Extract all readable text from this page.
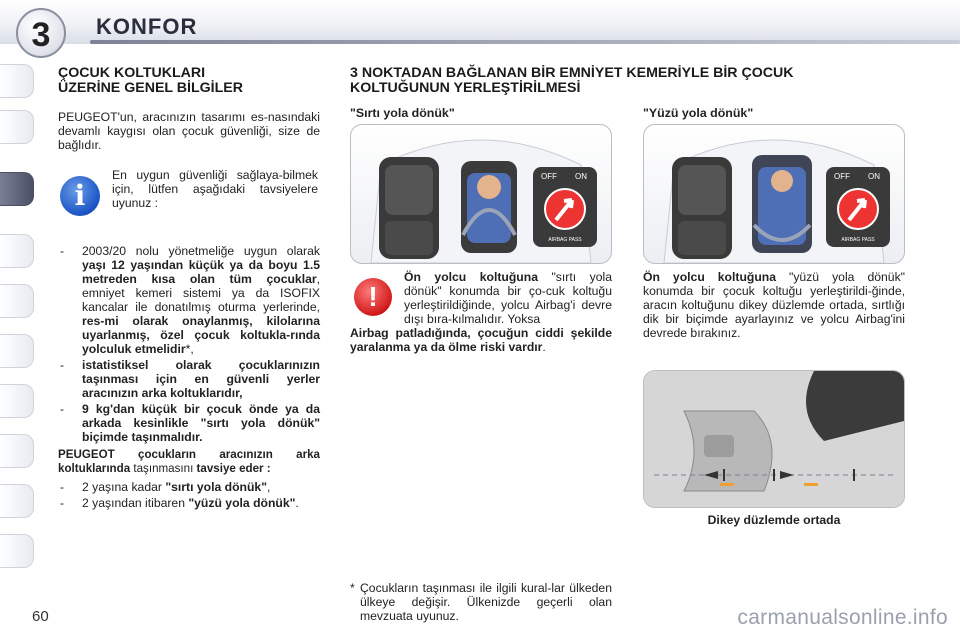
3	KONFOR
ÇOCUK KOLTUKLARI
ÜZERİNE GENEL BİLGİLER
PEUGEOT'un, aracınızın tasarımı es-nasındaki devamlı kaygısı olan çocuk güvenliği, size de bağlıdır.
i
En uygun güvenliği sağlaya-bilmek için, lütfen aşağıdaki tavsiyelere uyunuz :
- 2003/20 nolu yönetmeliğe uygun olarak yaşı 12 yaşından küçük ya da boyu 1.5 metreden kısa olan tüm çocuklar, emniyet kemeri sistemi ya da ISOFIX kancalar ile donatılmış oturma yerlerinde, res-mi olarak onaylanmış, kilolarına uyarlanmış, özel çocuk koltukla-rında yolculuk etmelidir*,
- istatistiksel olarak çocuklarınızın taşınması için en güvenli yerler aracınızın arka koltuklarıdır,
- 9 kg'dan küçük bir çocuk önde ya da arkada kesinlikle "sırtı yola dönük" biçimde taşınmalıdır.
PEUGEOT çocukların aracınızın arka koltuklarında taşınmasını tavsiye eder :
- 2 yaşına kadar "sırtı yola dönük",
- 2 yaşından itibaren "yüzü yola dönük".
3 NOKTADAN BAĞLANAN BİR EMNİYET KEMERİYLE BİR ÇOCUK
KOLTUĞUNUN YERLEŞTİRİLMESİ
"Sırtı yola dönük"	"Yüzü yola dönük"
OFF ON
AIRBAG PASS
OFF ON
AIRBAG PASS
!

Ön yolcu koltuğuna "sırtı yola dönük" konumda bir ço-cuk koltuğu yerleştirildiğinde, yolcu Airbag'i devre dışı bıra-kılmalıdır. Yoksa
Airbag patladığında, çocuğun ciddi şekilde yaralanma ya da ölme riski vardır.

Ön yolcu koltuğuna "yüzü yola dönük" konumda bir çocuk koltuğu yerleştirildi-ğinde, aracın koltuğunu dikey düzlemde ortada, sırtlığı dik bir biçimde ayarlayınız ve yolcu Airbag'ini devrede bırakınız.
Dikey düzlemde ortada
* Çocukların taşınması ile ilgili kural-lar ülkeden ülkeye değişir. Ülkenizde geçerli olan mevzuata uyunuz.
60	carmanualsonline.info
